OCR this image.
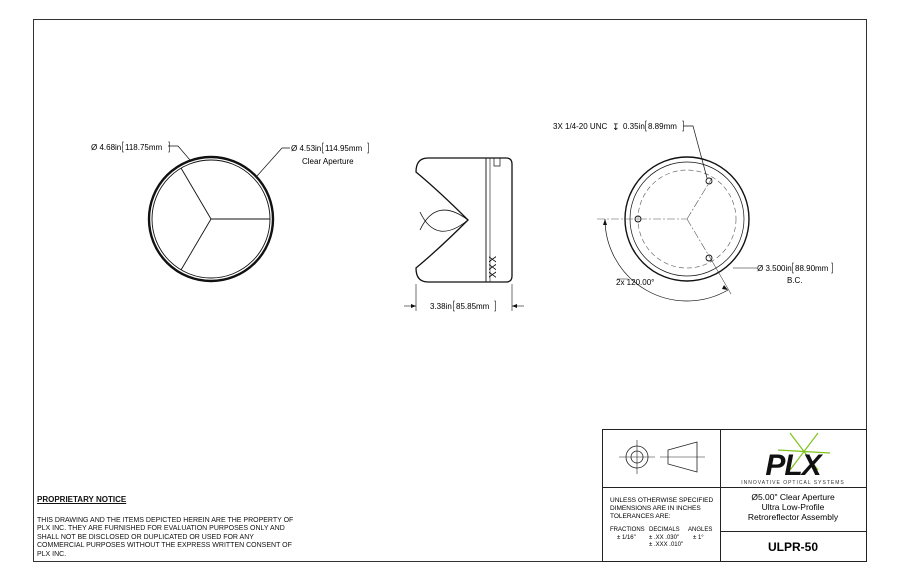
Ø 4.68in 118.75mm	Ø 4.53in 114.95mm
Clear Aperture
XXX
3.38in 85.85mm
3X 1/4-20 UNC ↧ 0.35in 8.89mm
2x 120.00°
Ø 3.500in 88.90mm
B.C.
PLX
INNOVATIVE OPTICAL SYSTEMS
UNLESS OTHERWISE SPECIFIED
DIMENSIONS ARE IN INCHES
TOLERANCES ARE:
FRACTIONS DECIMALS ANGLES
± 1/16" ± .XX .030"
± .XXX .010"
± 1°
Ø5.00" Clear Aperture
Ultra Low-Profile
Retroreflector Assembly
ULPR-50
PROPRIETARY NOTICE
THIS DRAWING AND THE ITEMS DEPICTED HEREIN ARE THE PROPERTY OF
PLX INC. THEY ARE FURNISHED FOR EVALUATION PURPOSES ONLY AND
SHALL NOT BE DISCLOSED OR DUPLICATED OR USED FOR ANY
COMMERCIAL PURPOSES WITHOUT THE EXPRESS WRITTEN CONSENT OF
PLX INC.
